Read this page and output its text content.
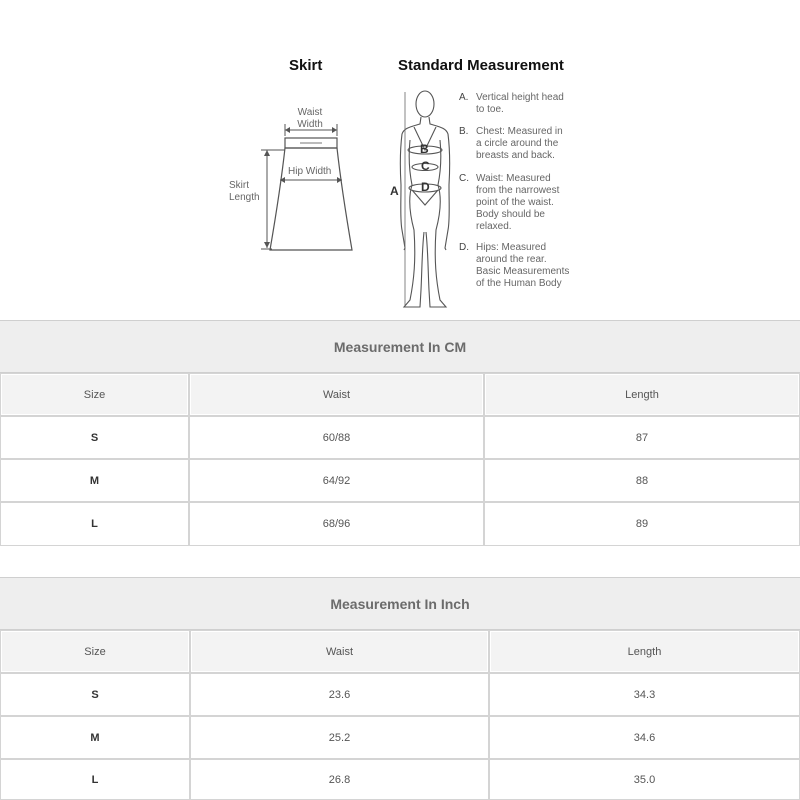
Skirt	Standard Measurement
Waist
Width
Hip Width
Skirt
Length
B
C
A D
A. Vertical height head
to toe.
B. Chest: Measured in
a circle around the
breasts and back.
C. Waist: Measured
from the narrowest
point of the waist.
Body should be
relaxed.
D. Hips: Measured
around the rear.
Basic Measurements
of the Human Body
Measurement In CM
Size	Waist	Length
S	60/88	87
M	64/92	88
L	68/96	89
Measurement In Inch
Size	Waist	Length
S	23.6	34.3
M	25.2	34.6
L	26.8	35.0
